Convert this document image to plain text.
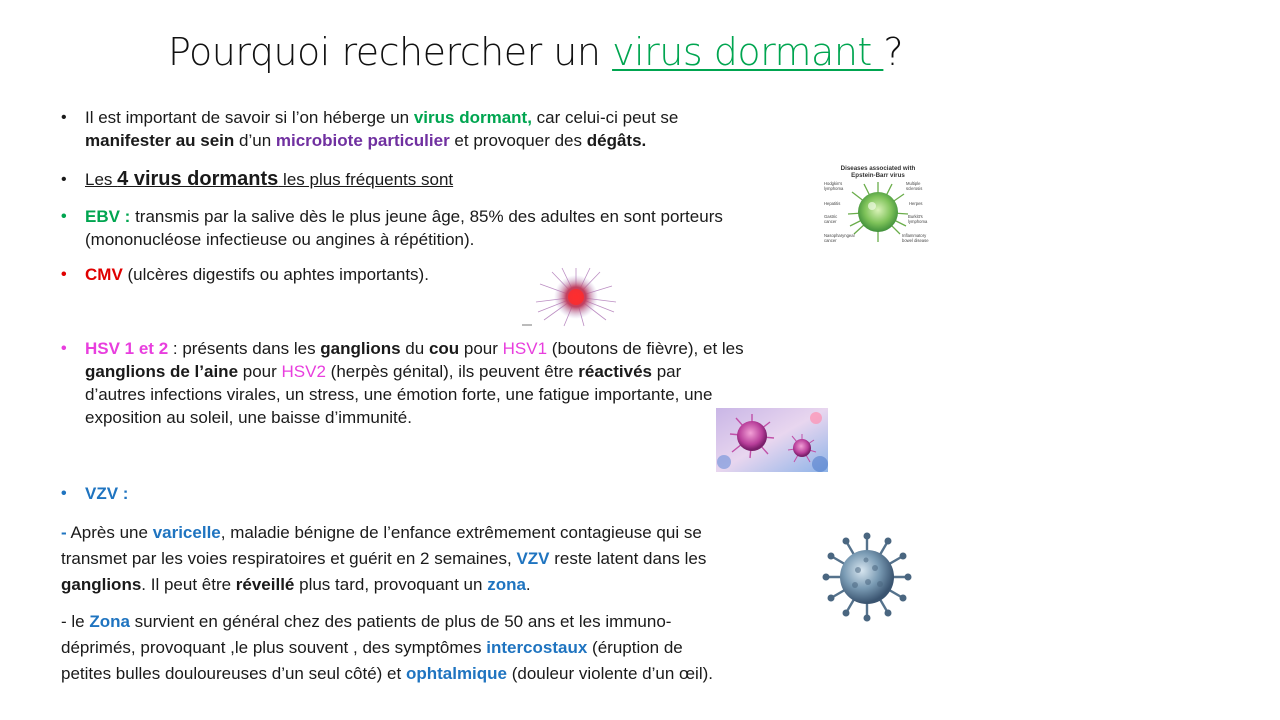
Pourquoi rechercher un virus dormant ?
• Il est important de savoir si l’on héberge un virus dormant, car celui-ci peut se
manifester au sein d’un microbiote particulier et provoquer des dégâts.
• Les 4 virus dormants les plus fréquents sont
• EBV : transmis par la salive dès le plus jeune âge, 85% des adultes en sont porteurs
(mononucléose infectieuse ou angines à répétition).
• CMV (ulcères digestifs ou aphtes importants).
• HSV 1 et 2 : présents dans les ganglions du cou pour HSV1 (boutons de fièvre), et les
ganglions de l’aine pour HSV2 (herpès génital), ils peuvent être réactivés par
d’autres infections virales, un stress, une émotion forte, une fatigue importante, une
exposition au soleil, une baisse d’immunité.
• VZV :
- Après une varicelle, maladie bénigne de l’enfance extrêmement contagieuse qui se
transmet par les voies respiratoires et guérit en 2 semaines, VZV reste latent dans les
ganglions. Il peut être réveillé plus tard, provoquant un zona.
- le Zona survient en général chez des patients de plus de 50 ans et les immuno-
déprimés, provoquant ,le plus souvent , des symptômes intercostaux (éruption de
petites bulles douloureuses d’un seul côté) et ophtalmique (douleur violente d’un œil).
Diseases associated with
Epstein-Barr virus
Hodgkin's
lymphoma
Hepatitis
Gastric
cancer
Nasopharyngeal
cancer
Multiple
sclerosis
Herpes
Burkitt's
lymphoma
Inflammatory
bowel disease
